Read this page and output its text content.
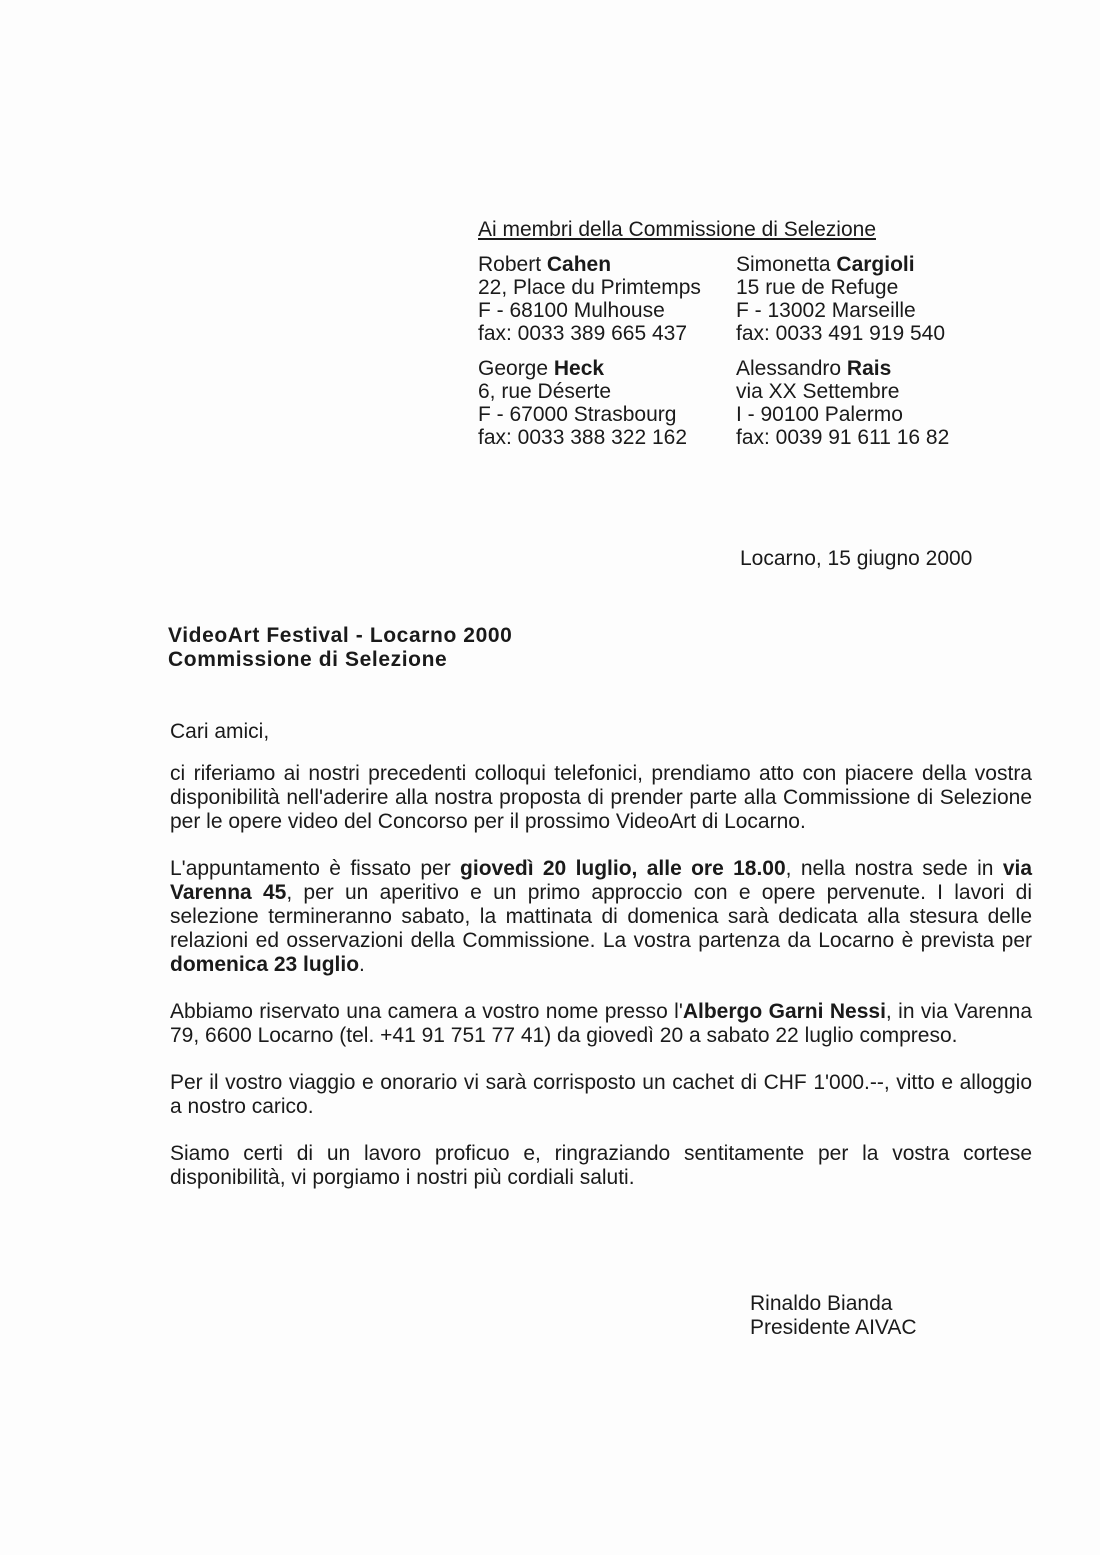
Ai membri della Commissione di Selezione
Robert Cahen
22, Place du Primtemps
F - 68100 Mulhouse
fax: 0033 389 665 437
Simonetta Cargioli
15 rue de Refuge
F - 13002 Marseille
fax: 0033 491 919 540
George Heck
6, rue Déserte
F - 67000 Strasbourg
fax: 0033 388 322 162
Alessandro Rais
via XX Settembre
I - 90100 Palermo
fax: 0039 91 611 16 82
Locarno, 15 giugno 2000
VideoArt Festival - Locarno 2000
Commissione di Selezione
Cari amici,

ci riferiamo ai nostri precedenti colloqui telefonici, prendiamo atto con piacere della vostra disponibilità nell'aderire alla nostra proposta di prender parte alla Commissione di Selezione per le opere video del Concorso per il prossimo VideoArt di Locarno.

L'appuntamento è fissato per giovedì 20 luglio, alle ore 18.00, nella nostra sede in via Varenna 45, per un aperitivo e un primo approccio con e opere pervenute. I lavori di selezione termineranno sabato, la mattinata di domenica sarà dedicata alla stesura delle relazioni ed osservazioni della Commissione. La vostra partenza da Locarno è prevista per domenica 23 luglio.

Abbiamo riservato una camera a vostro nome presso l'Albergo Garni Nessi, in via Varenna 79, 6600 Locarno (tel. +41 91 751 77 41) da giovedì 20 a sabato 22 luglio compreso.

Per il vostro viaggio e onorario vi sarà corrisposto un cachet di CHF 1'000.--, vitto e alloggio a nostro carico.

Siamo certi di un lavoro proficuo e, ringraziando sentitamente per la vostra cortese disponibilità, vi porgiamo i nostri più cordiali saluti.

Rinaldo Bianda
Presidente AIVAC
